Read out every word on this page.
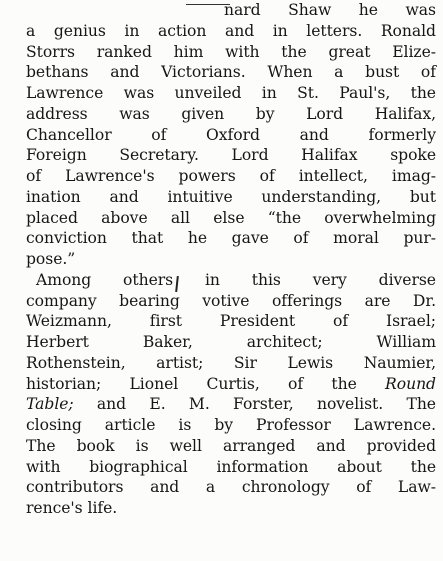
nard Shaw he was
a genius in action and in letters. Ronald
Storrs ranked him with the great Elize-
bethans and Victorians. When a bust of
Lawrence was unveiled in St. Paul's, the
address was given by Lord Halifax,
Chancellor of Oxford and formerly
Foreign Secretary. Lord Halifax spoke
of Lawrence's powers of intellect, imag-
ination and intuitive understanding, but
placed above all else “the overwhelming
conviction that he gave of moral pur-
pose.”
Among others in this very diverse
company bearing votive offerings are Dr.
Weizmann, first President of Israel;
Herbert Baker, architect; William
Rothenstein, artist; Sir Lewis Naumier,
historian; Lionel Curtis, of the Round
Table; and E. M. Forster, novelist. The
closing article is by Professor Lawrence.
The book is well arranged and provided
with biographical information about the
contributors and a chronology of Law-
rence's life.
